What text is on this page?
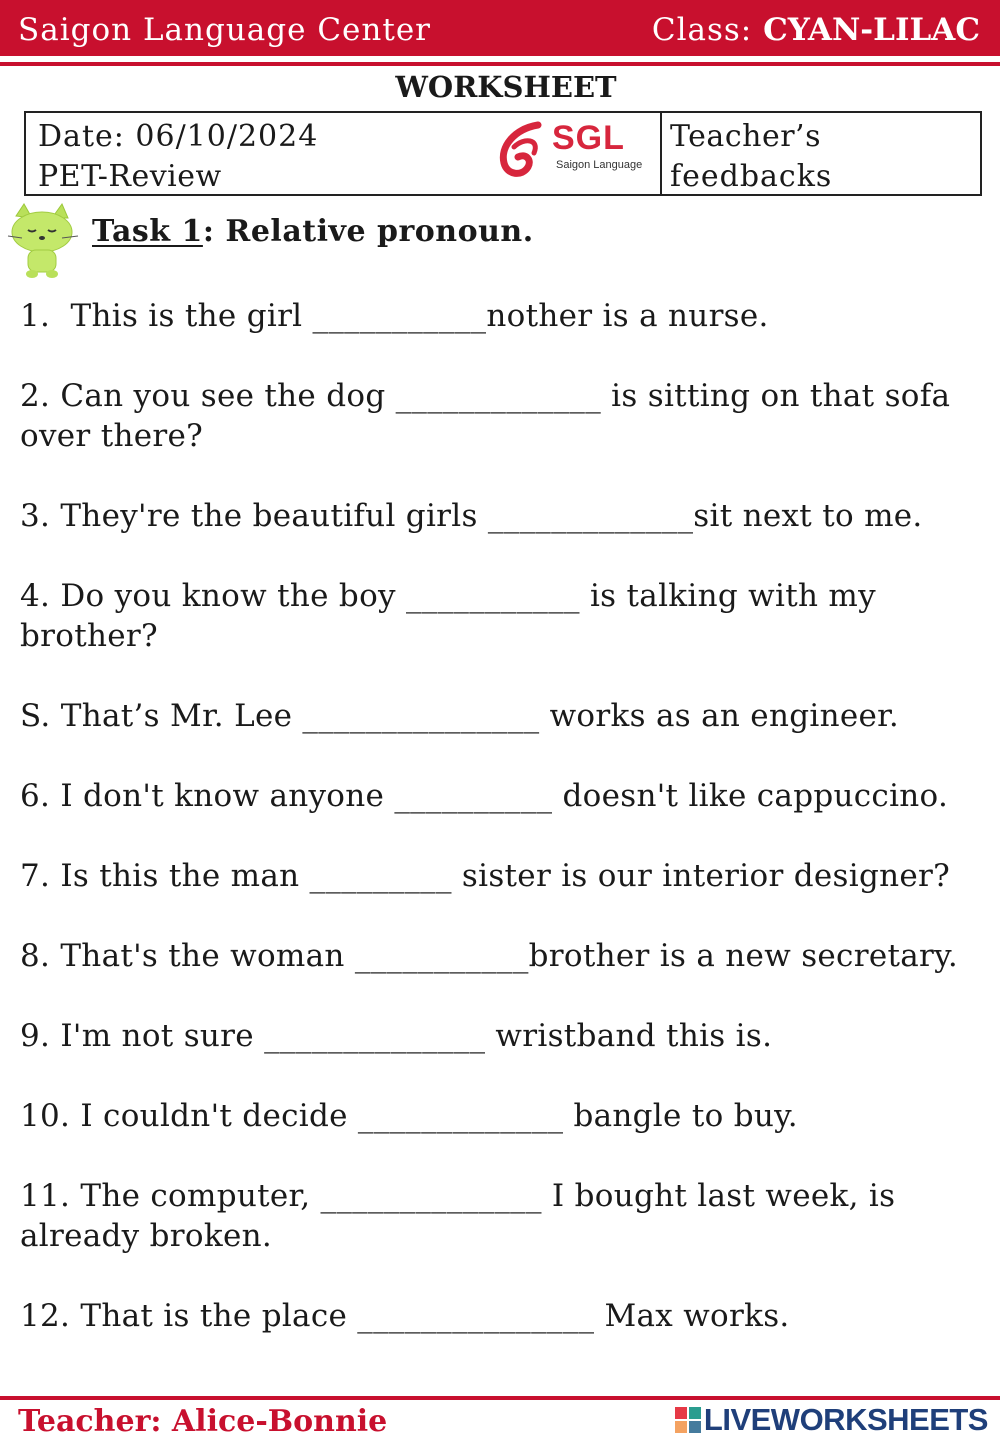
Saigon Language Center	Class: CYAN-LILAC
WORKSHEET
Date: 06/10/2024
PET-Review
SGL
Saigon Language
Teacher’s
feedbacks
Task 1: Relative pronoun.
1.  This is the girl ___________nother is a nurse.
2. Can you see the dog _____________ is sitting on that sofa over there?
3. They're the beautiful girls _____________sit next to me.
4. Do you know the boy ___________ is talking with my brother?
S. That’s Mr. Lee _______________ works as an engineer.
6. I don't know anyone __________ doesn't like cappuccino.
7. Is this the man _________ sister is our interior designer?
8. That's the woman ___________brother is a new secretary.
9. I'm not sure ______________ wristband this is.
10. I couldn't decide _____________ bangle to buy.
11. The computer, ______________ I bought last week, is already broken.
12. That is the place _______________ Max works.
Teacher: Alice-Bonnie	LIVEWORKSHEETS
